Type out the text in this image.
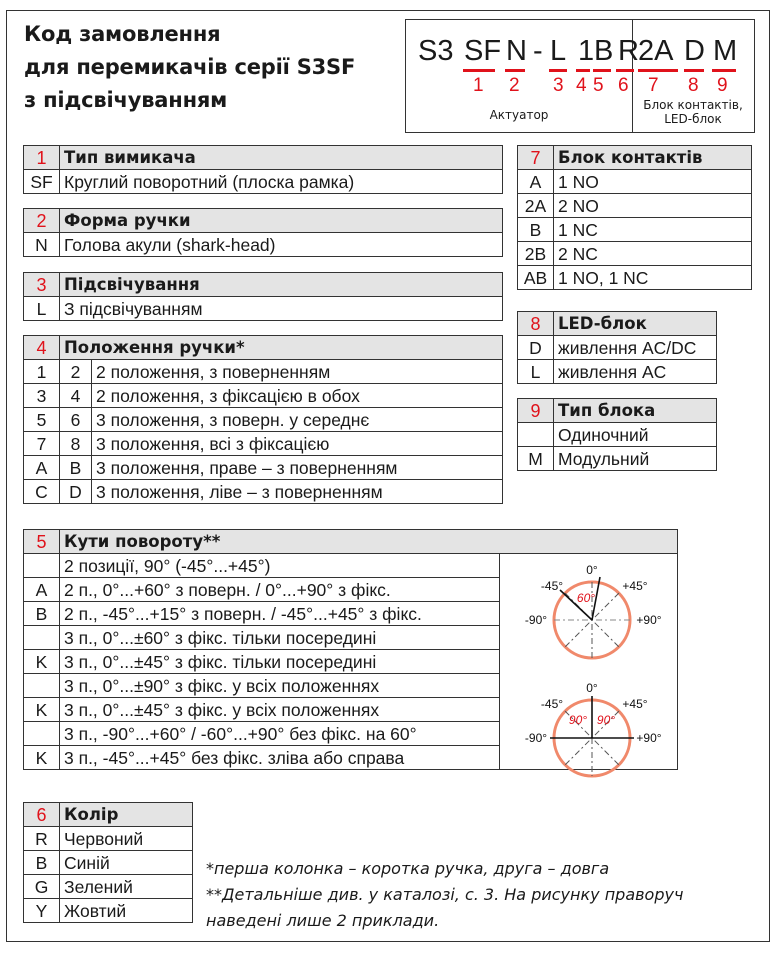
Код замовлення
для перемикачів серії S3SF
з підсвічуванням
S3 SF N - L 1 B R 2A D M
1 2 3 4 5 6 7 8 9
Актуатор
Блок контактів,
LED-блок
1	Тип вимикача
SF	Круглий поворотний (плоска рамка)
2	Форма ручки
N	Голова акули (shark-head)
3	Підсвічування
L	З підсвічуванням
4	Положення ручки*	
1	2	2 положення, з поверненням
3	4	2 положення, з фіксацією в обох
5	6	3 положення, з поверн. у середнє
7	8	3 положення, всі з фіксацією
A	B	3 положення, праве – з поверненням
C	D	3 положення, ліве – з поверненням
5	Кути повороту**	
	2 позиції, 90° (-45°...+45°)	0°
-45°	+45°
-90°	+90°
60°
0°
-45°	+45°
-90°	+90°
90° 90°

A	2 п., 0°...+60° з поверн. / 0°...+90° з фікс.	
B	2 п., -45°...+15° з поверн. / -45°...+45° з фікс.	
	3 п., 0°...±60° з фікс. тільки посередині	
K	3 п., 0°...±45° з фікс. тільки посередині	
	3 п., 0°...±90° з фікс. у всіх положеннях	
K	3 п., 0°...±45° з фікс. у всіх положеннях	
	3 п., -90°...+60° / -60°...+90° без фікс. на 60°	
K	3 п., -45°...+45° без фікс. зліва або справа	
6	Колір
R	Червоний
B	Синій
G	Зелений
Y	Жовтий
7	Блок контактів
A	1 NO
2A	2 NO
B	1 NC
2B	2 NC
AB	1 NO, 1 NC
8	LED-блок
D	живлення AC/DC
L	живлення AC
9	Тип блока
	Одиночний
M	Модульний
*перша колонка – коротка ручка, друга – довга
**Детальніше див. у каталозі, с. 3. На рисунку праворуч
наведені лише 2 приклади.
